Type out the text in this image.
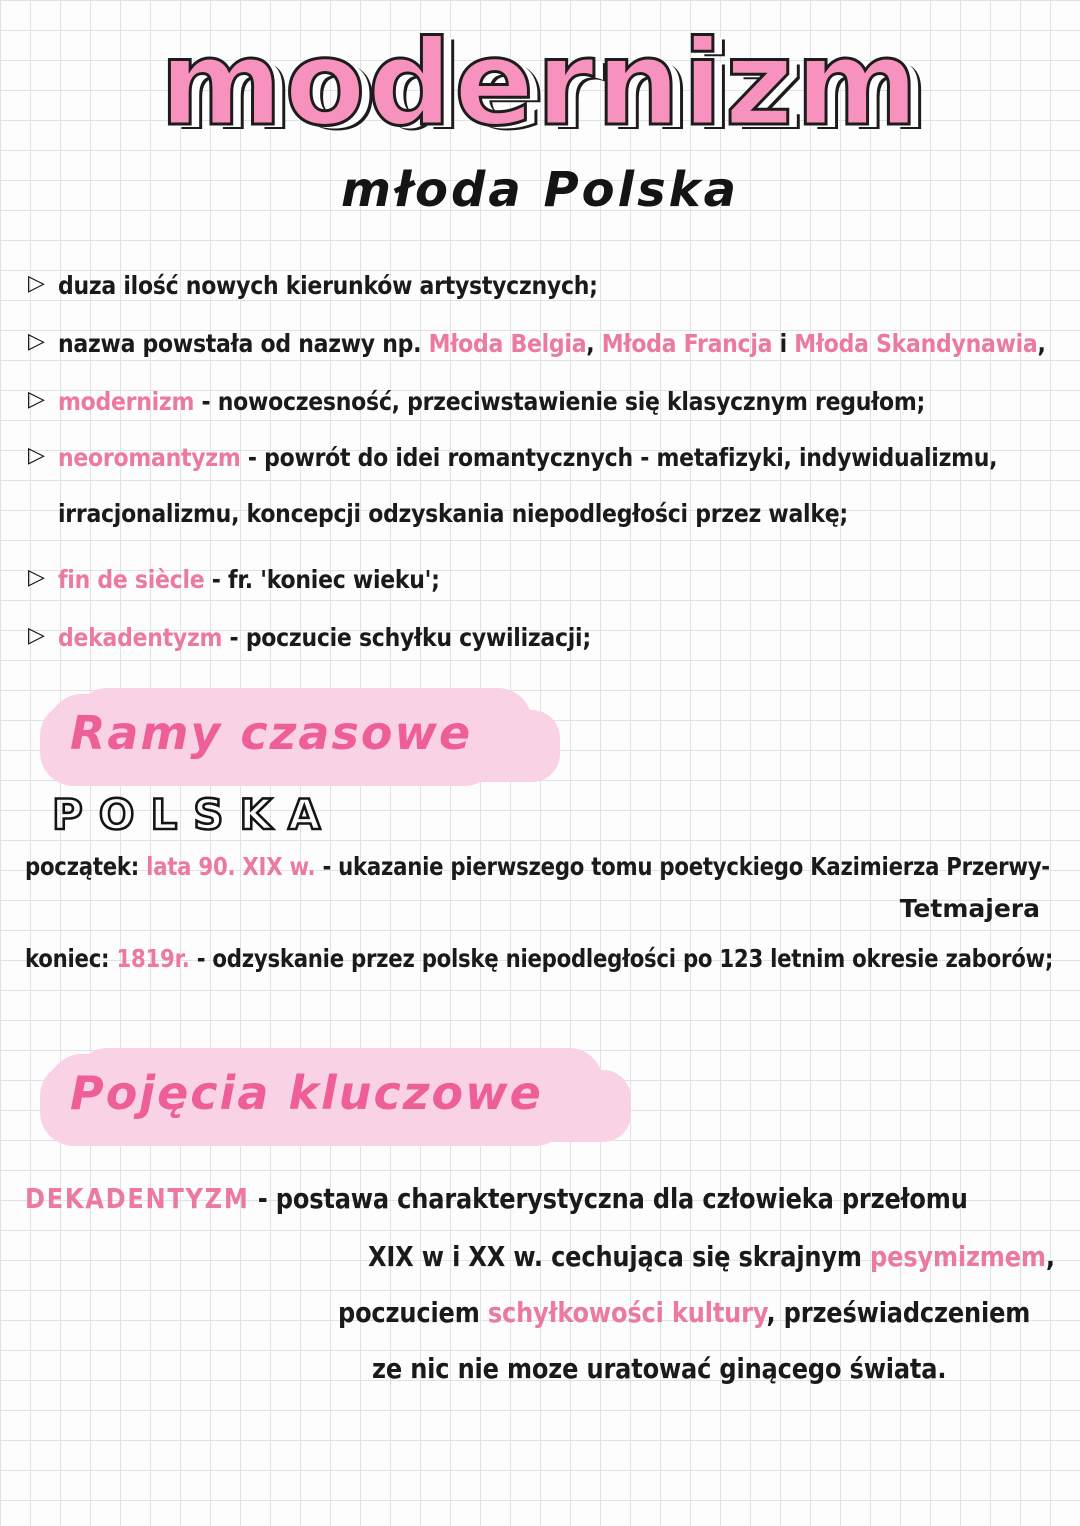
modernizm
młoda Polska
▷ duza ilość nowych kierunków artystycznych;
▷ nazwa powstała od nazwy np. Młoda Belgia, Młoda Francja i Młoda Skandynawia,
▷ modernizm - nowoczesność, przeciwstawienie się klasycznym regułom;
▷ neoromantyzm - powrót do idei romantycznych - metafizyki, indywidualizmu, irracjonalizmu, koncepcji odzyskania niepodległości przez walkę;
▷ fin de siècle - fr. 'koniec wieku';
▷ dekadentyzm - poczucie schyłku cywilizacji;
Ramy czasowe
POLSKA
początek: lata 90. XIX w. - ukazanie pierwszego tomu poetyckiego Kazimierza Przerwy-
Tetmajera
koniec: 1819r. - odzyskanie przez polskę niepodległości po 123 letnim okresie zaborów;
Pojęcia kluczowe
DEKADENTYZM - postawa charakterystyczna dla człowieka przełomu
XIX w i XX w. cechująca się skrajnym pesymizmem,
poczuciem schyłkowości kultury, przeświadczeniem
ze nic nie moze uratować ginącego świata.
